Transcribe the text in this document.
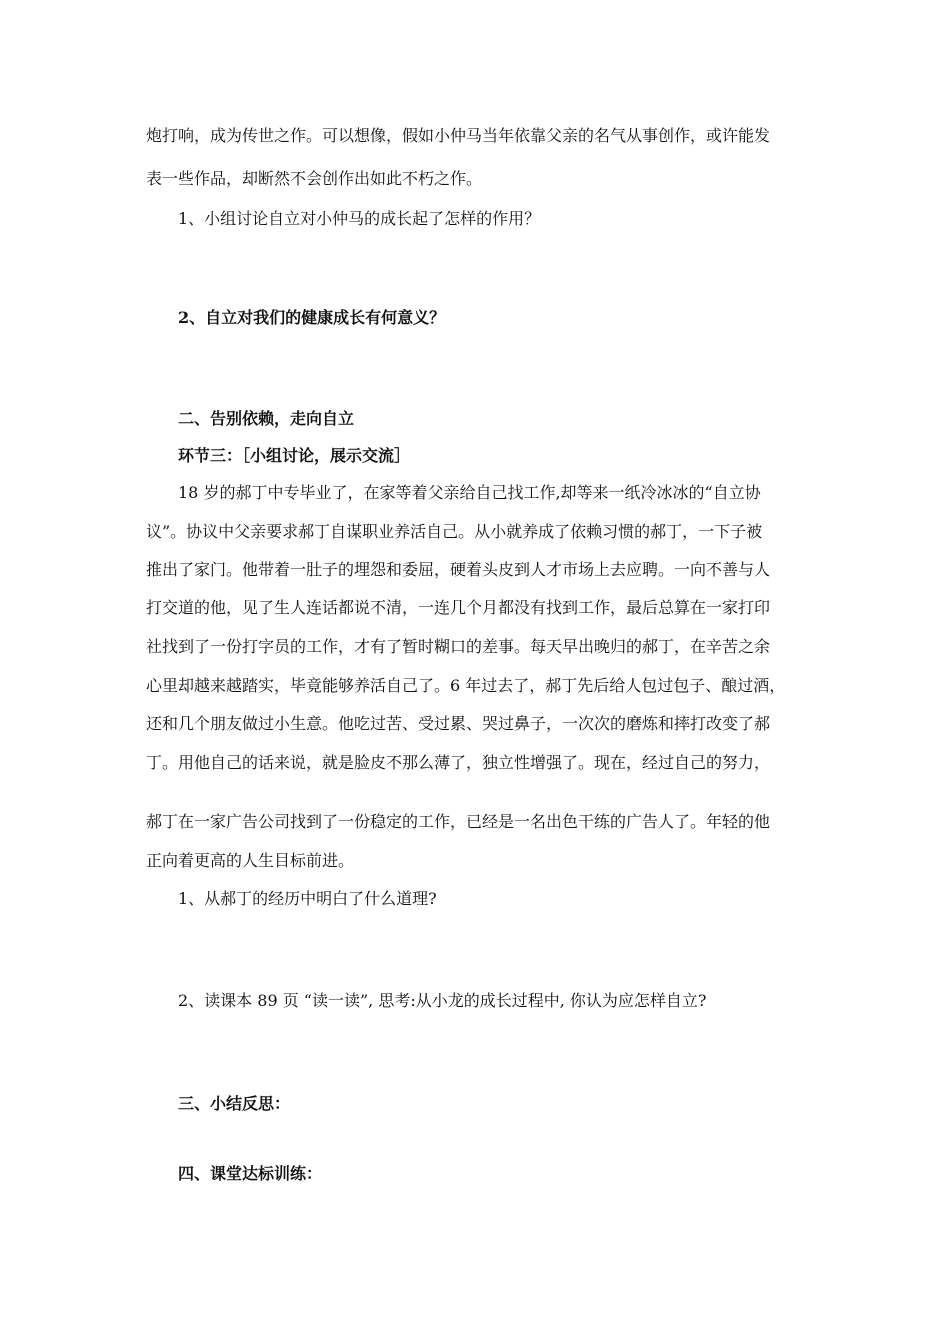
炮打响，成为传世之作。可以想像，假如小仲马当年依靠父亲的名气从事创作，或许能发

表一些作品，却断然不会创作出如此不朽之作。

1、小组讨论自立对小仲马的成长起了怎样的作用？

2、自立对我们的健康成长有何意义？

二、告别依赖，走向自立

环节三：［小组讨论，展示交流］

18 岁的郝丁中专毕业了，在家等着父亲给自己找工作,却等来一纸冷冰冰的“自立协

议”。协议中父亲要求郝丁自谋职业养活自己。从小就养成了依赖习惯的郝丁，一下子被

推出了家门。他带着一肚子的埋怨和委屈，硬着头皮到人才市场上去应聘。一向不善与人

打交道的他，见了生人连话都说不清，一连几个月都没有找到工作，最后总算在一家打印

社找到了一份打字员的工作，才有了暂时糊口的差事。每天早出晚归的郝丁，在辛苦之余

心里却越来越踏实，毕竟能够养活自己了。6 年过去了，郝丁先后给人包过包子、酿过酒，

还和几个朋友做过小生意。他吃过苦、受过累、哭过鼻子，一次次的磨炼和摔打改变了郝

丁。用他自己的话来说，就是脸皮不那么薄了，独立性增强了。现在，经过自己的努力，

郝丁在一家广告公司找到了一份稳定的工作，已经是一名出色干练的广告人了。年轻的他

正向着更高的人生目标前进。

1、从郝丁的经历中明白了什么道理?

2、读课本 89 页 “读一读”, 思考:从小龙的成长过程中, 你认为应怎样自立?

三、小结反思：

四、课堂达标训练：
